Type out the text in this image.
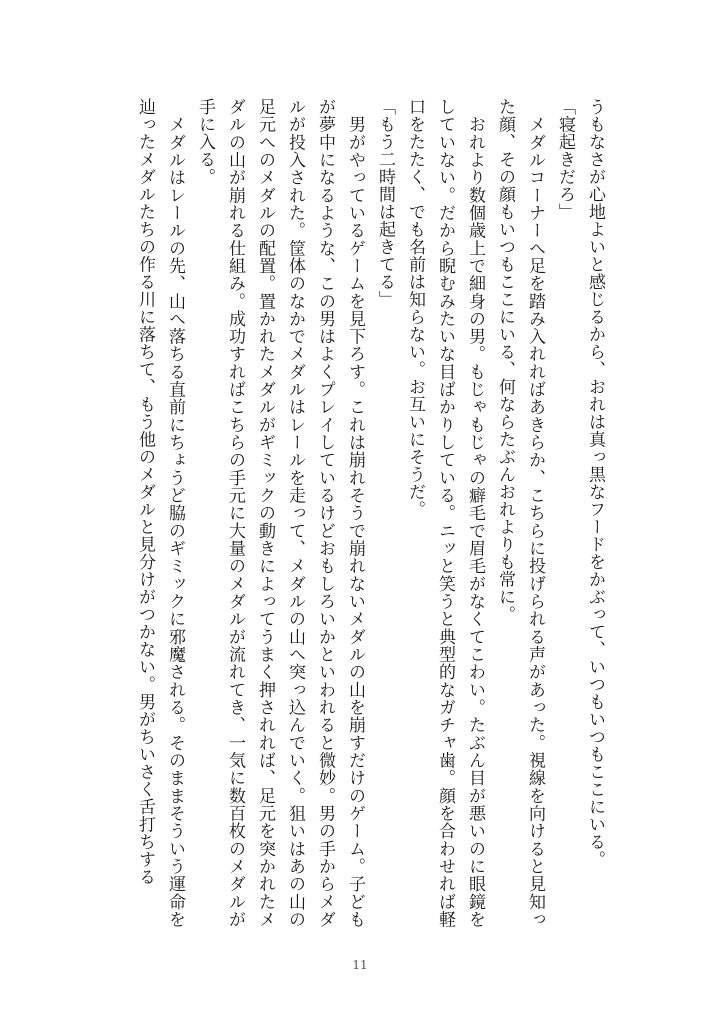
うもなさが心地よいと感じるから、おれは真っ黒なフードをかぶって、いつもいつもここにいる。

「寝起きだろ」

　メダルコーナーへ足を踏み入れればあきらか、こちらに投げられる声があった。視線を向けると見知った顔、その顔もいつもここにいる、何ならたぶんおれよりも常に。

　おれより数個歳上で細身の男。もじゃもじゃの癖毛で眉毛がなくてこわい。たぶん目が悪いのに眼鏡をしていない。だから睨むみたいな目ばかりしている。ニッと笑うと典型的なガチャ歯。顔を合わせれば軽口をたたく、でも名前は知らない。お互いにそうだ。

「もう二時間は起きてる」

　男がやっているゲームを見下ろす。これは崩れそうで崩れないメダルの山を崩すだけのゲーム。子どもが夢中になるような、この男はよくプレイしているけどおもしろいかといわれると微妙。男の手からメダルが投入された。筐体のなかでメダルはレールを走って、メダルの山へ突っ込んでいく。狙いはあの山の足元へのメダルの配置。置かれたメダルがギミックの動きによってうまく押されれば、足元を突かれたメダルの山が崩れる仕組み。成功すればこちらの手元に大量のメダルが流れてき、一気に数百枚のメダルが手に入る。

　メダルはレールの先、山へ落ちる直前にちょうど脇のギミックに邪魔される。そのままそういう運命を辿ったメダルたちの作る川に落ちて、もう他のメダルと見分けがつかない。男がちいさく舌打ちする

11
